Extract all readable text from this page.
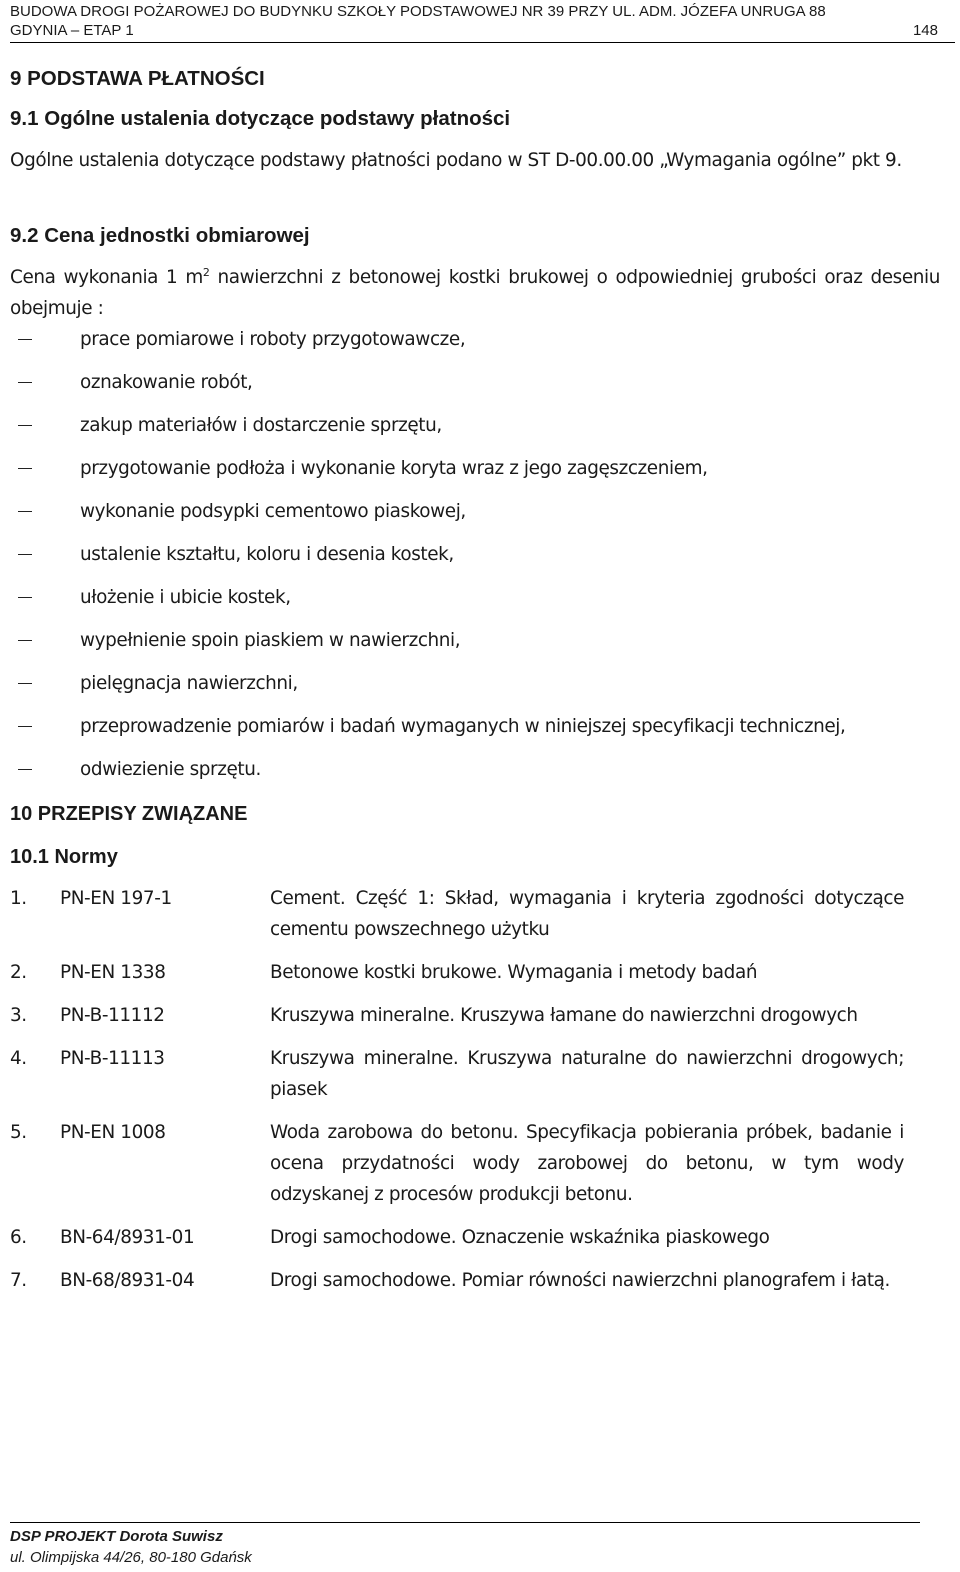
BUDOWA DROGI POŻAROWEJ DO BUDYNKU SZKOŁY PODSTAWOWEJ NR 39 PRZY UL. ADM. JÓZEFA UNRUGA 88
GDYNIA – ETAP 1	148
9 PODSTAWA PŁATNOŚCI
9.1 Ogólne ustalenia dotyczące podstawy płatności

Ogólne ustalenia dotyczące podstawy płatności podano w ST D-00.00.00 „Wymagania ogólne” pkt 9.

9.2 Cena jednostki obmiarowej

Cena wykonania 1 $m^2$ nawierzchni z betonowej kostki brukowej o odpowiedniej grubości oraz deseniu obejmuje :

prace pomiarowe i roboty przygotowawcze,
oznakowanie robót,
zakup materiałów i dostarczenie sprzętu,
przygotowanie podłoża i wykonanie koryta wraz z jego zagęszczeniem,
wykonanie podsypki cementowo piaskowej,
ustalenie kształtu, koloru i desenia kostek,
ułożenie i ubicie kostek,
wypełnienie spoin piaskiem w nawierzchni,
pielęgnacja nawierzchni,
przeprowadzenie pomiarów i badań wymaganych w niniejszej specyfikacji technicznej,
odwiezienie sprzętu.
10 PRZEPISY ZWIĄZANE
10.1 Normy
1.	PN-EN 197-1	Cement. Część 1: Skład, wymagania i kryteria zgodności dotyczące cementu powszechnego użytku
2.	PN-EN 1338	Betonowe kostki brukowe. Wymagania i metody badań
3.	PN-B-11112	Kruszywa mineralne. Kruszywa łamane do nawierzchni drogowych
4.	PN-B-11113	Kruszywa mineralne. Kruszywa naturalne do nawierzchni drogowych; piasek
5.	PN-EN 1008	Woda zarobowa do betonu. Specyfikacja pobierania próbek, badanie i ocena przydatności wody zarobowej do betonu, w tym wody odzyskanej z procesów produkcji betonu.
6.	BN-64/8931-01	Drogi samochodowe. Oznaczenie wskaźnika piaskowego
7.	BN-68/8931-04	Drogi samochodowe. Pomiar równości nawierzchni planografem i łatą.
DSP PROJEKT Dorota Suwisz
ul. Olimpijska 44/26, 80-180 Gdańsk
